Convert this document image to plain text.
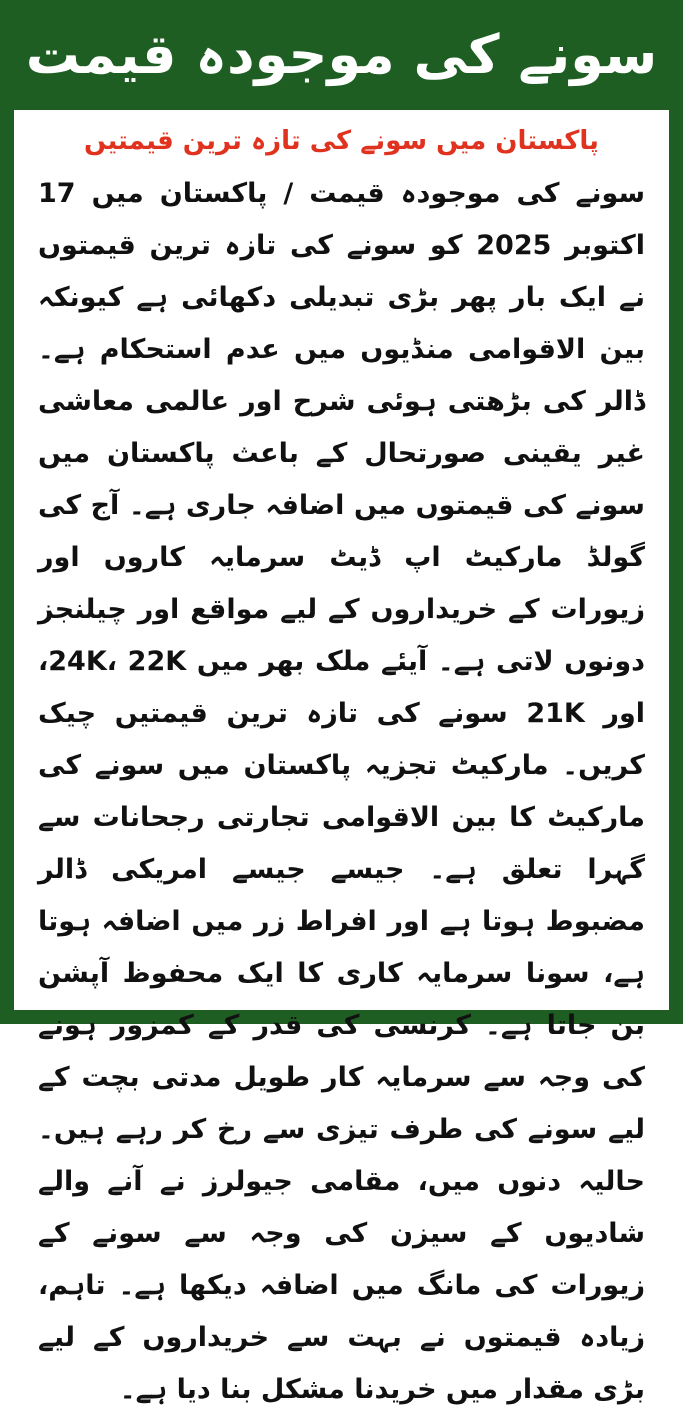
سونے کی موجودہ قیمت
پاکستان میں سونے کی تازہ ترین قیمتیں

سونے کی موجودہ قیمت / پاکستان میں 17 اکتوبر 2025 کو سونے کی تازہ ترین قیمتوں نے ایک بار پھر بڑی تبدیلی دکھائی ہے کیونکہ بین الاقوامی منڈیوں میں عدم استحکام ہے۔ ڈالر کی بڑھتی ہوئی شرح اور عالمی معاشی غیر یقینی صورتحال کے باعث پاکستان میں سونے کی قیمتوں میں اضافہ جاری ہے۔ آج کی گولڈ مارکیٹ اپ ڈیٹ سرمایہ کاروں اور زیورات کے خریداروں کے لیے مواقع اور چیلنجز دونوں لاتی ہے۔ آیئے ملک بھر میں 24K، 22K، اور 21K سونے کی تازہ ترین قیمتیں چیک کریں۔ مارکیٹ تجزیہ پاکستان میں سونے کی مارکیٹ کا بین الاقوامی تجارتی رجحانات سے گہرا تعلق ہے۔ جیسے جیسے امریکی ڈالر مضبوط ہوتا ہے اور افراط زر میں اضافہ ہوتا ہے، سونا سرمایہ کاری کا ایک محفوظ آپشن بن جاتا ہے۔ کرنسی کی قدر کے کمزور ہونے کی وجہ سے سرمایہ کار طویل مدتی بچت کے لیے سونے کی طرف تیزی سے رخ کر رہے ہیں۔ حالیہ دنوں میں، مقامی جیولرز نے آنے والے شادیوں کے سیزن کی وجہ سے سونے کے زیورات کی مانگ میں اضافہ دیکھا ہے۔ تاہم، زیادہ قیمتوں نے بہت سے خریداروں کے لیے بڑی مقدار میں خریدنا مشکل بنا دیا ہے۔
